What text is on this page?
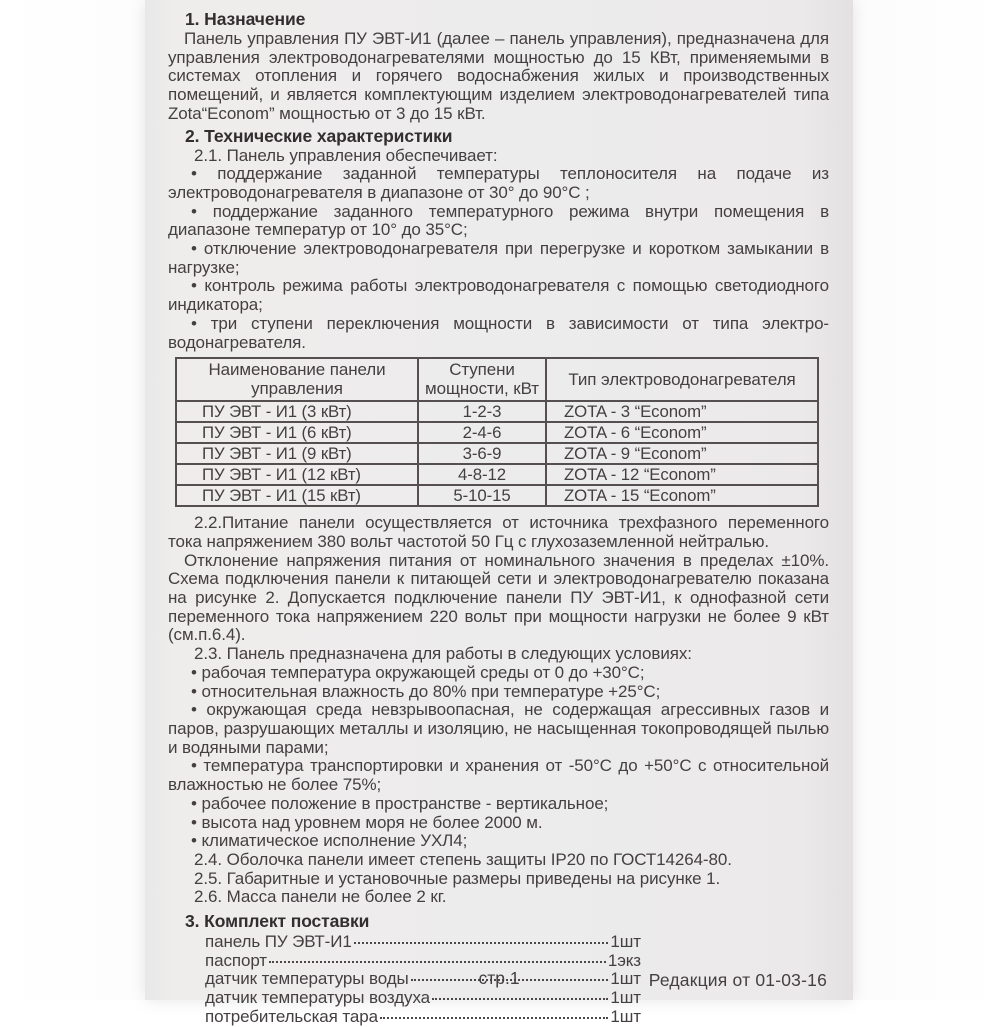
1. Назначение

Панель управления ПУ ЭВТ-И1 (далее – панель управления), предназначена для управления электроводонагревателями мощностью до 15 КВт, применяемыми в системах отопления и горячего водоснабжения жилых и производственных помещений, и является комплектующим изделием электроводонагревателей типа Zota“Econom” мощностью от 3 до 15 кВт.

2. Технические характеристики

2.1. Панель управления обеспечивает:

• поддержание заданной температуры теплоносителя на подаче из электроводонагревателя в диапазоне от 30° до 90°С ;

• поддержание заданного температурного режима внутри помещения в диапазоне температур от 10° до 35°С;

• отключение электроводонагревателя при перегрузке и коротком замыкании в нагрузке;

• контроль режима работы электроводонагревателя с помощью светодиодного индикатора;

• три ступени переключения мощности в зависимости от типа электро-водонагревателя.

Наименование панели управления	Ступени мощности, кВт	Тип электроводонагревателя
ПУ ЭВТ - И1 (3 кВт)	1-2-3	ZOTA - 3 “Econom”
ПУ ЭВТ - И1 (6 кВт)	2-4-6	ZOTA - 6 “Econom”
ПУ ЭВТ - И1 (9 кВт)	3-6-9	ZOTA - 9 “Econom”
ПУ ЭВТ - И1 (12 кВт)	4-8-12	ZOTA - 12 “Econom”
ПУ ЭВТ - И1 (15 кВт)	5-10-15	ZOTA - 15 “Econom”

2.2.Питание панели осуществляется от источника трехфазного переменного тока напряжением 380 вольт частотой 50 Гц с глухозаземленной нейтралью.

Отклонение напряжения питания от номинального значения в пределах ±10%. Схема подключения панели к питающей сети и электроводонагревателю показана на рисунке 2. Допускается подключение панели ПУ ЭВТ-И1, к однофазной сети переменного тока напряжением 220 вольт при мощности нагрузки не более 9 кВт (см.п.6.4).

2.3. Панель предназначена для работы в следующих условиях:

• рабочая температура окружающей среды от 0 до +30°С;

• относительная влажность до 80% при температуре +25°С;

• окружающая среда невзрывоопасная, не содержащая агрессивных газов и паров, разрушающих металлы и изоляцию, не насыщенная токопроводящей пылью и водяными парами;

• температура транспортировки и хранения от -50°С до +50°С с относительной влажностью не более 75%;

• рабочее положение в пространстве - вертикальное;

• высота над уровнем моря не более 2000 м.

• климатическое исполнение УХЛ4;

2.4. Оболочка панели имеет степень защиты IP20 по ГОСТ14264-80.

2.5. Габаритные и установочные размеры приведены на рисунке 1.

2.6. Масса панели не более 2 кг.

3. Комплект поставки
панель ПУ ЭВТ-И1	1шт
паспорт	1экз
датчик температуры воды	1шт
датчик температуры воздуха	1шт
потребительская тара	1шт
стр.1	Редакция от 01-03-16
